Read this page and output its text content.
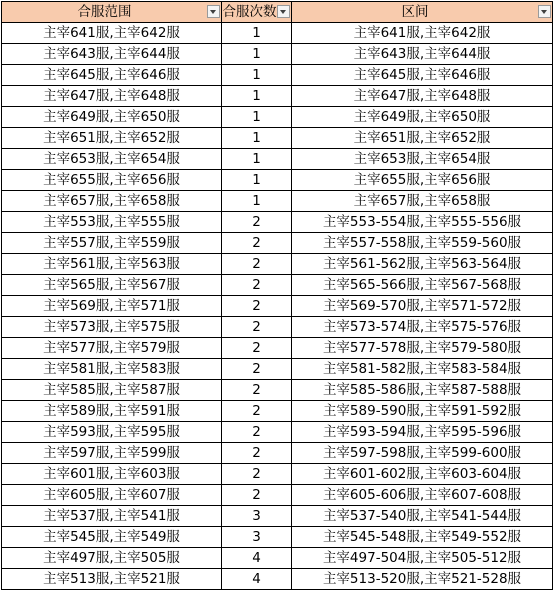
合服范围	合服次数	区间

主宰641服,主宰642服	1	主宰641服,主宰642服
主宰643服,主宰644服	1	主宰643服,主宰644服
主宰645服,主宰646服	1	主宰645服,主宰646服
主宰647服,主宰648服	1	主宰647服,主宰648服
主宰649服,主宰650服	1	主宰649服,主宰650服
主宰651服,主宰652服	1	主宰651服,主宰652服
主宰653服,主宰654服	1	主宰653服,主宰654服
主宰655服,主宰656服	1	主宰655服,主宰656服
主宰657服,主宰658服	1	主宰657服,主宰658服
主宰553服,主宰555服	2	主宰553-554服,主宰555-556服
主宰557服,主宰559服	2	主宰557-558服,主宰559-560服
主宰561服,主宰563服	2	主宰561-562服,主宰563-564服
主宰565服,主宰567服	2	主宰565-566服,主宰567-568服
主宰569服,主宰571服	2	主宰569-570服,主宰571-572服
主宰573服,主宰575服	2	主宰573-574服,主宰575-576服
主宰577服,主宰579服	2	主宰577-578服,主宰579-580服
主宰581服,主宰583服	2	主宰581-582服,主宰583-584服
主宰585服,主宰587服	2	主宰585-586服,主宰587-588服
主宰589服,主宰591服	2	主宰589-590服,主宰591-592服
主宰593服,主宰595服	2	主宰593-594服,主宰595-596服
主宰597服,主宰599服	2	主宰597-598服,主宰599-600服
主宰601服,主宰603服	2	主宰601-602服,主宰603-604服
主宰605服,主宰607服	2	主宰605-606服,主宰607-608服
主宰537服,主宰541服	3	主宰537-540服,主宰541-544服
主宰545服,主宰549服	3	主宰545-548服,主宰549-552服
主宰497服,主宰505服	4	主宰497-504服,主宰505-512服
主宰513服,主宰521服	4	主宰513-520服,主宰521-528服
